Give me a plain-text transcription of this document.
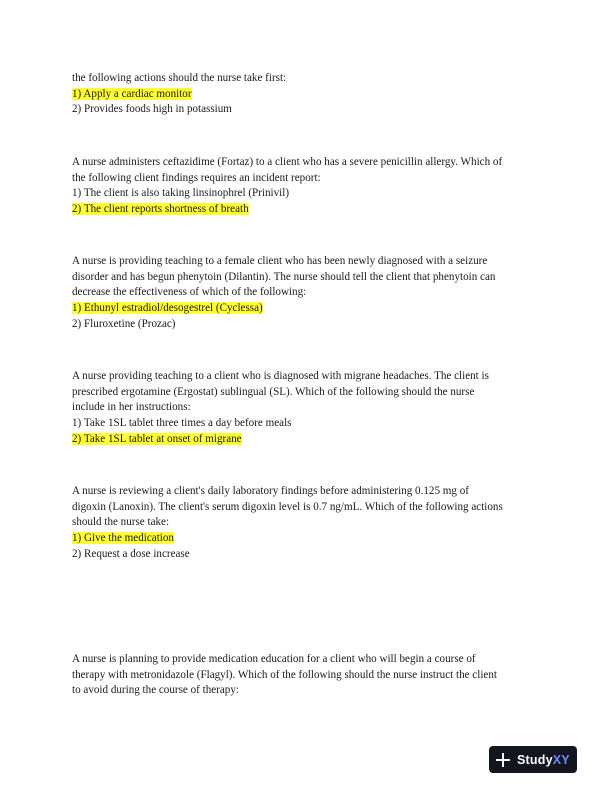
the following actions should the nurse take first:
1) Apply a cardiac monitor
2) Provides foods high in potassium
A nurse administers ceftazidime (Fortaz) to a client who has a severe penicillin allergy. Which of
the following client findings requires an incident report:
1) The client is also taking linsinophrel (Prinivil)
2) The client reports shortness of breath
A nurse is providing teaching to a female client who has been newly diagnosed with a seizure
disorder and has begun phenytoin (Dilantin). The nurse should tell the client that phenytoin can
decrease the effectiveness of which of the following:
1) Ethunyl estradiol/desogestrel (Cyclessa)
2) Fluroxetine (Prozac)
A nurse providing teaching to a client who is diagnosed with migrane headaches. The client is
prescribed ergotamine (Ergostat) sublingual (SL). Which of the following should the nurse
include in her instructions:
1) Take 1SL tablet three times a day before meals
2) Take 1SL tablet at onset of migrane
A nurse is reviewing a client's daily laboratory findings before administering 0.125 mg of
digoxin (Lanoxin). The client's serum digoxin level is 0.7 ng/mL. Which of the following actions
should the nurse take:
1) Give the medication
2) Request a dose increase
A nurse is planning to provide medication education for a client who will begin a course of
therapy with metronidazole (Flagyl). Which of the following should the nurse instruct the client
to avoid during the course of therapy:
StudyXY
